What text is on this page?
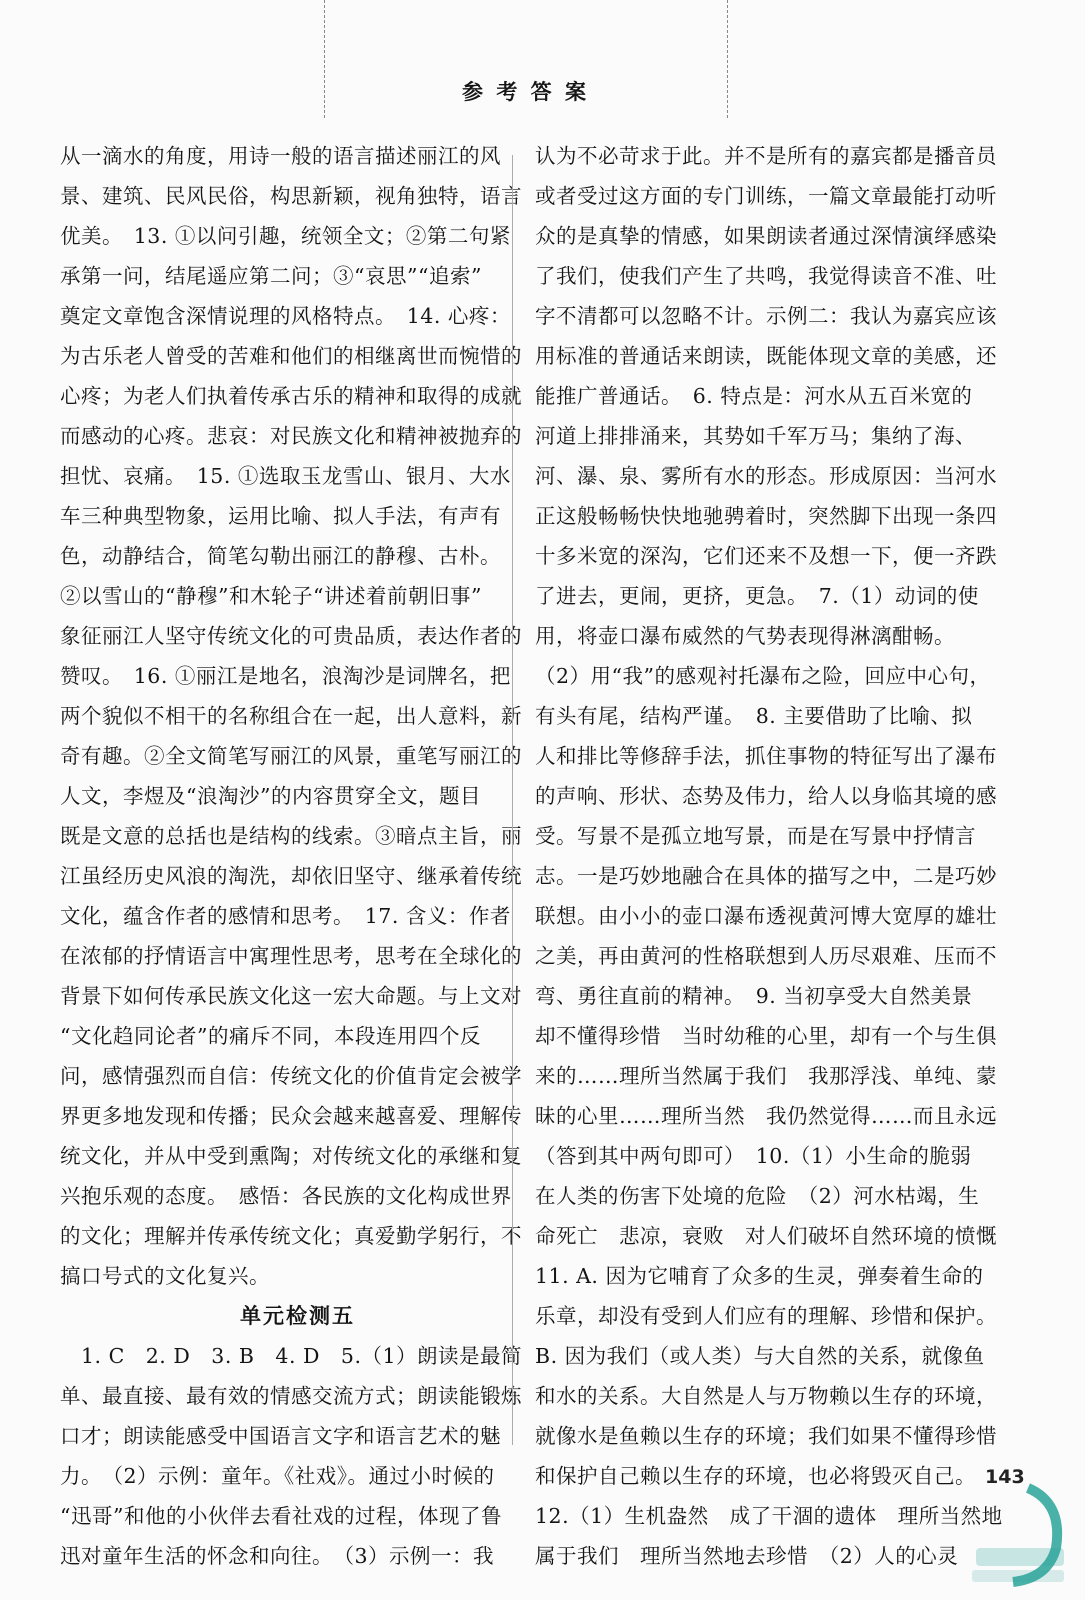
参 考 答 案

从一滴水的角度，用诗一般的语言描述丽江的风

景、建筑、民风民俗，构思新颖，视角独特，语言

优美。　13. ①以问引趣，统领全文；②第二句紧

承第一问，结尾遥应第二问；③“哀思”“追索”

奠定文章饱含深情说理的风格特点。　14. 心疼：

为古乐老人曾受的苦难和他们的相继离世而惋惜的

心疼；为老人们执着传承古乐的精神和取得的成就

而感动的心疼。悲哀：对民族文化和精神被抛弃的

担忧、哀痛。　15. ①选取玉龙雪山、银月、大水

车三种典型物象，运用比喻、拟人手法，有声有

色，动静结合，简笔勾勒出丽江的静穆、古朴。

②以雪山的“静穆”和木轮子“讲述着前朝旧事”

象征丽江人坚守传统文化的可贵品质，表达作者的

赞叹。　16. ①丽江是地名，浪淘沙是词牌名，把

两个貌似不相干的名称组合在一起，出人意料，新

奇有趣。②全文简笔写丽江的风景，重笔写丽江的

人文，李煜及“浪淘沙”的内容贯穿全文，题目

既是文意的总括也是结构的线索。③暗点主旨，丽

江虽经历史风浪的淘洗，却依旧坚守、继承着传统

文化，蕴含作者的感情和思考。　17. 含义：作者

在浓郁的抒情语言中寓理性思考，思考在全球化的

背景下如何传承民族文化这一宏大命题。与上文对

“文化趋同论者”的痛斥不同，本段连用四个反

问，感情强烈而自信：传统文化的价值肯定会被学

界更多地发现和传播；民众会越来越喜爱、理解传

统文化，并从中受到熏陶；对传统文化的承继和复

兴抱乐观的态度。　感悟：各民族的文化构成世界

的文化；理解并传承传统文化；真爱勤学躬行，不

搞口号式的文化复兴。

单元检测五

　1. C　2. D　3. B　4. D　5.（1）朗读是最简

单、最直接、最有效的情感交流方式；朗读能锻炼

口才；朗读能感受中国语言文字和语言艺术的魅

力。　（2）示例：童年。《社戏》。通过小时候的

“迅哥”和他的小伙伴去看社戏的过程，体现了鲁

迅对童年生活的怀念和向往。　（3）示例一：我

认为不必苛求于此。并不是所有的嘉宾都是播音员

或者受过这方面的专门训练，一篇文章最能打动听

众的是真挚的情感，如果朗读者通过深情演绎感染

了我们，使我们产生了共鸣，我觉得读音不准、吐

字不清都可以忽略不计。示例二：我认为嘉宾应该

用标准的普通话来朗读，既能体现文章的美感，还

能推广普通话。　6. 特点是：河水从五百米宽的

河道上排排涌来，其势如千军万马；集纳了海、

河、瀑、泉、雾所有水的形态。形成原因：当河水

正这般畅畅快快地驰骋着时，突然脚下出现一条四

十多米宽的深沟，它们还来不及想一下，便一齐跌

了进去，更闹，更挤，更急。　7.（1）动词的使

用，将壶口瀑布威然的气势表现得淋漓酣畅。

（2）用“我”的感观衬托瀑布之险，回应中心句，

有头有尾，结构严谨。　8. 主要借助了比喻、拟

人和排比等修辞手法，抓住事物的特征写出了瀑布

的声响、形状、态势及伟力，给人以身临其境的感

受。写景不是孤立地写景，而是在写景中抒情言

志。一是巧妙地融合在具体的描写之中，二是巧妙

联想。由小小的壶口瀑布透视黄河博大宽厚的雄壮

之美，再由黄河的性格联想到人历尽艰难、压而不

弯、勇往直前的精神。　9. 当初享受大自然美景

却不懂得珍惜　当时幼稚的心里，却有一个与生俱

来的……理所当然属于我们　我那浮浅、单纯、蒙

昧的心里……理所当然　我仍然觉得……而且永远

（答到其中两句即可）　10.（1）小生命的脆弱

在人类的伤害下处境的危险　（2）河水枯竭，生

命死亡　悲凉，衰败　对人们破坏自然环境的愤慨

11. A. 因为它哺育了众多的生灵，弹奏着生命的

乐章，却没有受到人们应有的理解、珍惜和保护。

B. 因为我们（或人类）与大自然的关系，就像鱼

和水的关系。大自然是人与万物赖以生存的环境，

就像水是鱼赖以生存的环境；我们如果不懂得珍惜

和保护自己赖以生存的环境，也必将毁灭自己。

12.（1）生机盎然　成了干涸的遗体　理所当然地

属于我们　理所当然地去珍惜　（2）人的心灵

143
